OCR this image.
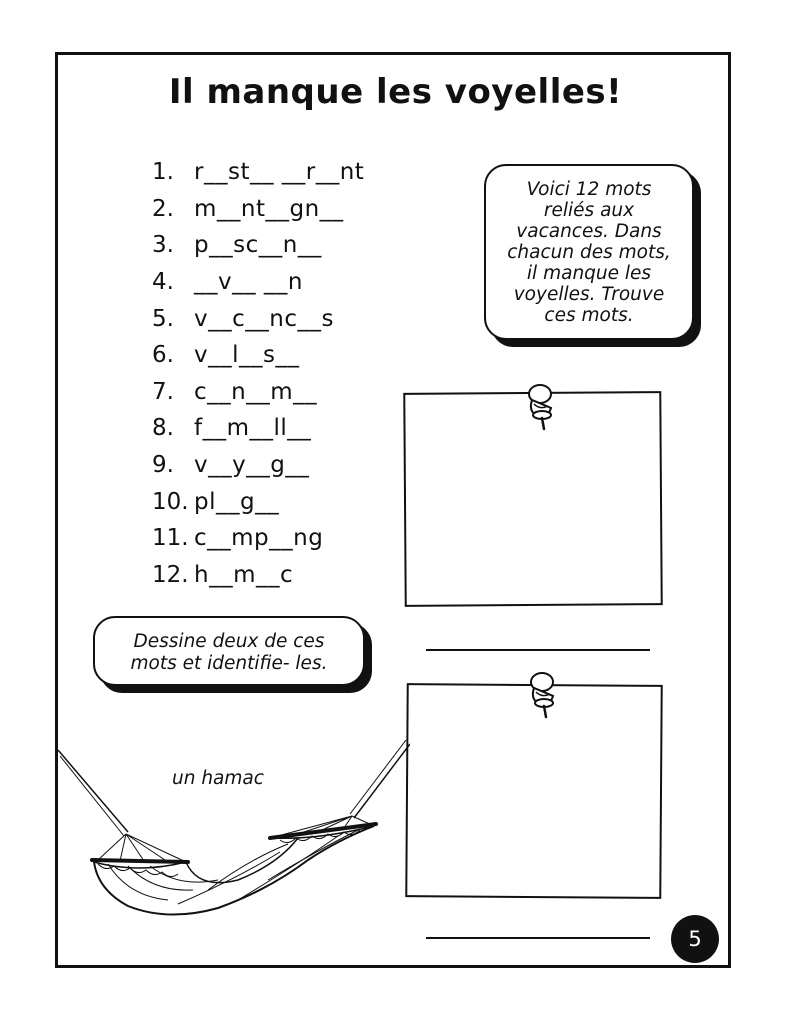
Il manque les voyelles!
1. r__st__ __r__nt
2. m__nt__gn__
3. p__sc__n__
4. __v__ __n
5. v__c__nc__s
6. v__l__s__
7. c__n__m__
8. f__m__ll__
9. v__y__g__
10. pl__g__
11. c__mp__ng
12. h__m__c
Voici 12 mots
reliés aux
vacances. Dans
chacun des mots,
il manque les
voyelles. Trouve
ces mots.
Dessine deux de ces
mots et identifie- les.
un hamac
5
